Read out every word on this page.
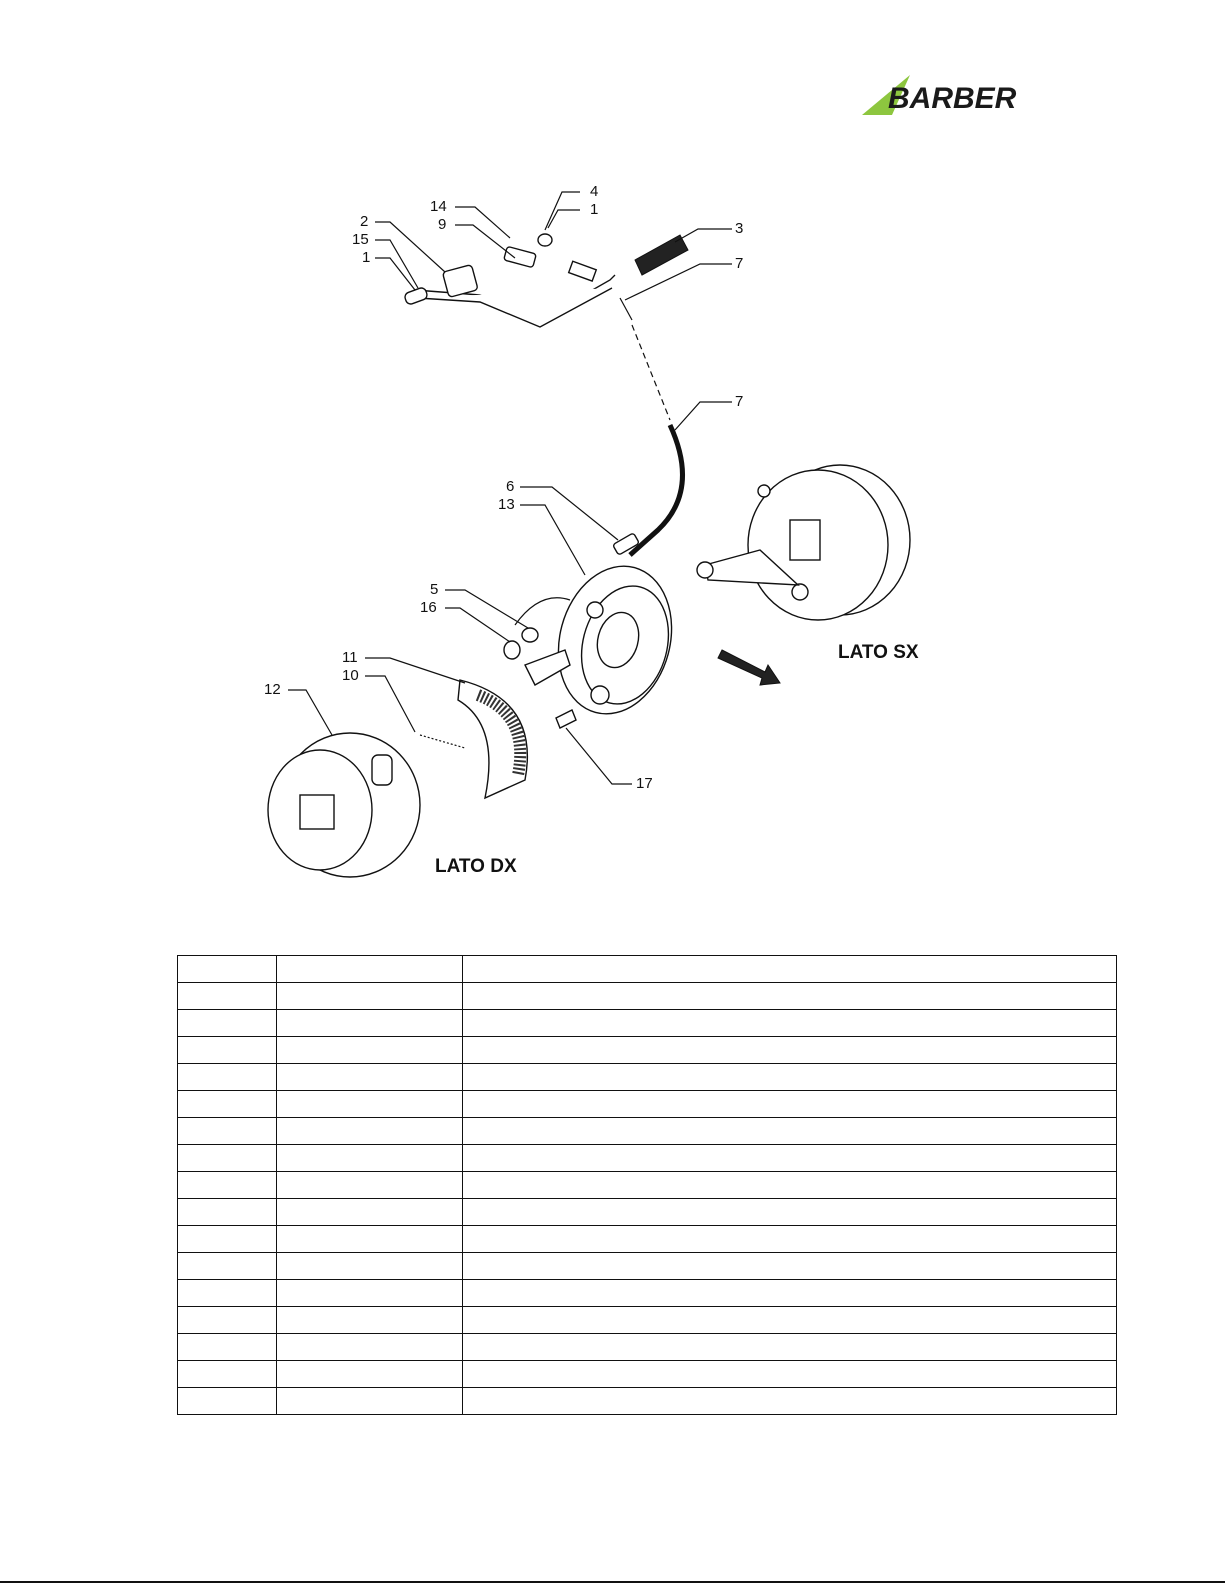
BARBER
4
1
14
9	3
2
15
1	7
7
6
13
5
16
11
10
12
17
LATO SX
LATO DX
